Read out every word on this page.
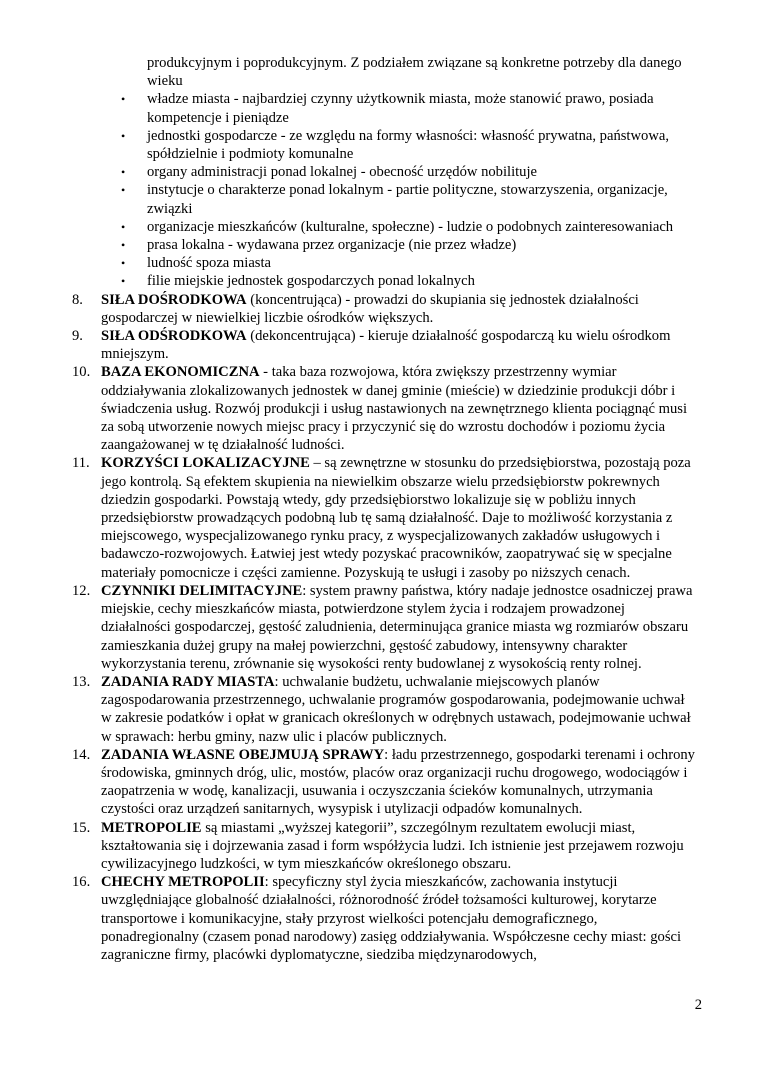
produkcyjnym i poprodukcyjnym. Z podziałem związane są konkretne potrzeby dla danego wieku
• władze miasta - najbardziej czynny użytkownik miasta, może stanowić prawo, posiada kompetencje i pieniądze
• jednostki gospodarcze - ze względu na formy własności: własność prywatna, państwowa, spółdzielnie i podmioty komunalne
• organy administracji ponad lokalnej - obecność urzędów nobilituje
• instytucje o charakterze ponad lokalnym - partie polityczne, stowarzyszenia, organizacje, związki
• organizacje mieszkańców (kulturalne, społeczne) - ludzie o podobnych zainteresowaniach
• prasa lokalna - wydawana przez organizacje (nie przez władze)
• ludność spoza miasta
• filie miejskie jednostek gospodarczych ponad lokalnych
8.	SIŁA DOŚRODKOWA (koncentrująca) - prowadzi do skupiania się jednostek działalności gospodarczej w niewielkiej liczbie ośrodków większych.
9.	SIŁA ODŚRODKOWA (dekoncentrująca) - kieruje działalność gospodarczą ku wielu ośrodkom mniejszym.
10. BAZA EKONOMICZNA - taka baza rozwojowa, która zwiększy przestrzenny wymiar oddziaływania zlokalizowanych jednostek w danej gminie (mieście) w dziedzinie produkcji dóbr i świadczenia usług. Rozwój produkcji i usług nastawionych na zewnętrznego klienta pociągnąć musi za sobą utworzenie nowych miejsc pracy i przyczynić się do wzrostu dochodów i poziomu życia zaangażowanej w tę działalność ludności.
11. KORZYŚCI LOKALIZACYJNE – są zewnętrzne w stosunku do przedsiębiorstwa, pozostają poza jego kontrolą. Są efektem skupienia na niewielkim obszarze wielu przedsiębiorstw pokrewnych dziedzin gospodarki. Powstają wtedy, gdy przedsiębiorstwo lokalizuje się w pobliżu innych przedsiębiorstw prowadzących podobną lub tę samą działalność. Daje to możliwość korzystania z miejscowego, wyspecjalizowanego rynku pracy, z wyspecjalizowanych zakładów usługowych i badawczo-rozwojowych. Łatwiej jest wtedy pozyskać pracowników, zaopatrywać się w specjalne materiały pomocnicze i części zamienne. Pozyskują te usługi i zasoby po niższych cenach.
12. CZYNNIKI DELIMITACYJNE: system prawny państwa, który nadaje jednostce osadniczej prawa miejskie, cechy mieszkańców miasta, potwierdzone stylem życia i rodzajem prowadzonej działalności gospodarczej, gęstość zaludnienia, determinująca granice miasta wg rozmiarów obszaru zamieszkania dużej grupy na małej powierzchni, gęstość zabudowy, intensywny charakter wykorzystania terenu, zrównanie się wysokości renty budowlanej z wysokością renty rolnej.
13. ZADANIA RADY MIASTA: uchwalanie budżetu, uchwalanie miejscowych planów zagospodarowania przestrzennego, uchwalanie programów gospodarowania, podejmowanie uchwał w zakresie podatków i opłat w granicach określonych w odrębnych ustawach, podejmowanie uchwał w sprawach: herbu gminy, nazw ulic i placów publicznych.
14. ZADANIA WŁASNE OBEJMUJĄ SPRAWY: ładu przestrzennego, gospodarki terenami i ochrony środowiska, gminnych dróg, ulic, mostów, placów oraz organizacji ruchu drogowego, wodociągów i zaopatrzenia w wodę, kanalizacji, usuwania i oczyszczania ścieków komunalnych, utrzymania czystości oraz urządzeń sanitarnych, wysypisk i utylizacji odpadów komunalnych.
15. METROPOLIE są miastami „wyższej kategorii”, szczególnym rezultatem ewolucji miast, kształtowania się i dojrzewania zasad i form współżycia ludzi. Ich istnienie jest przejawem rozwoju cywilizacyjnego ludzkości, w tym mieszkańców określonego obszaru.
16. CHECHY METROPOLII: specyficzny styl życia mieszkańców, zachowania instytucji uwzględniające globalność działalności, różnorodność źródeł tożsamości kulturowej, korytarze transportowe i komunikacyjne, stały przyrost wielkości potencjału demograficznego, ponadregionalny (czasem ponad narodowy) zasięg oddziaływania. Współczesne cechy miast: gości zagraniczne firmy, placówki dyplomatyczne, siedziba międzynarodowych,
2
